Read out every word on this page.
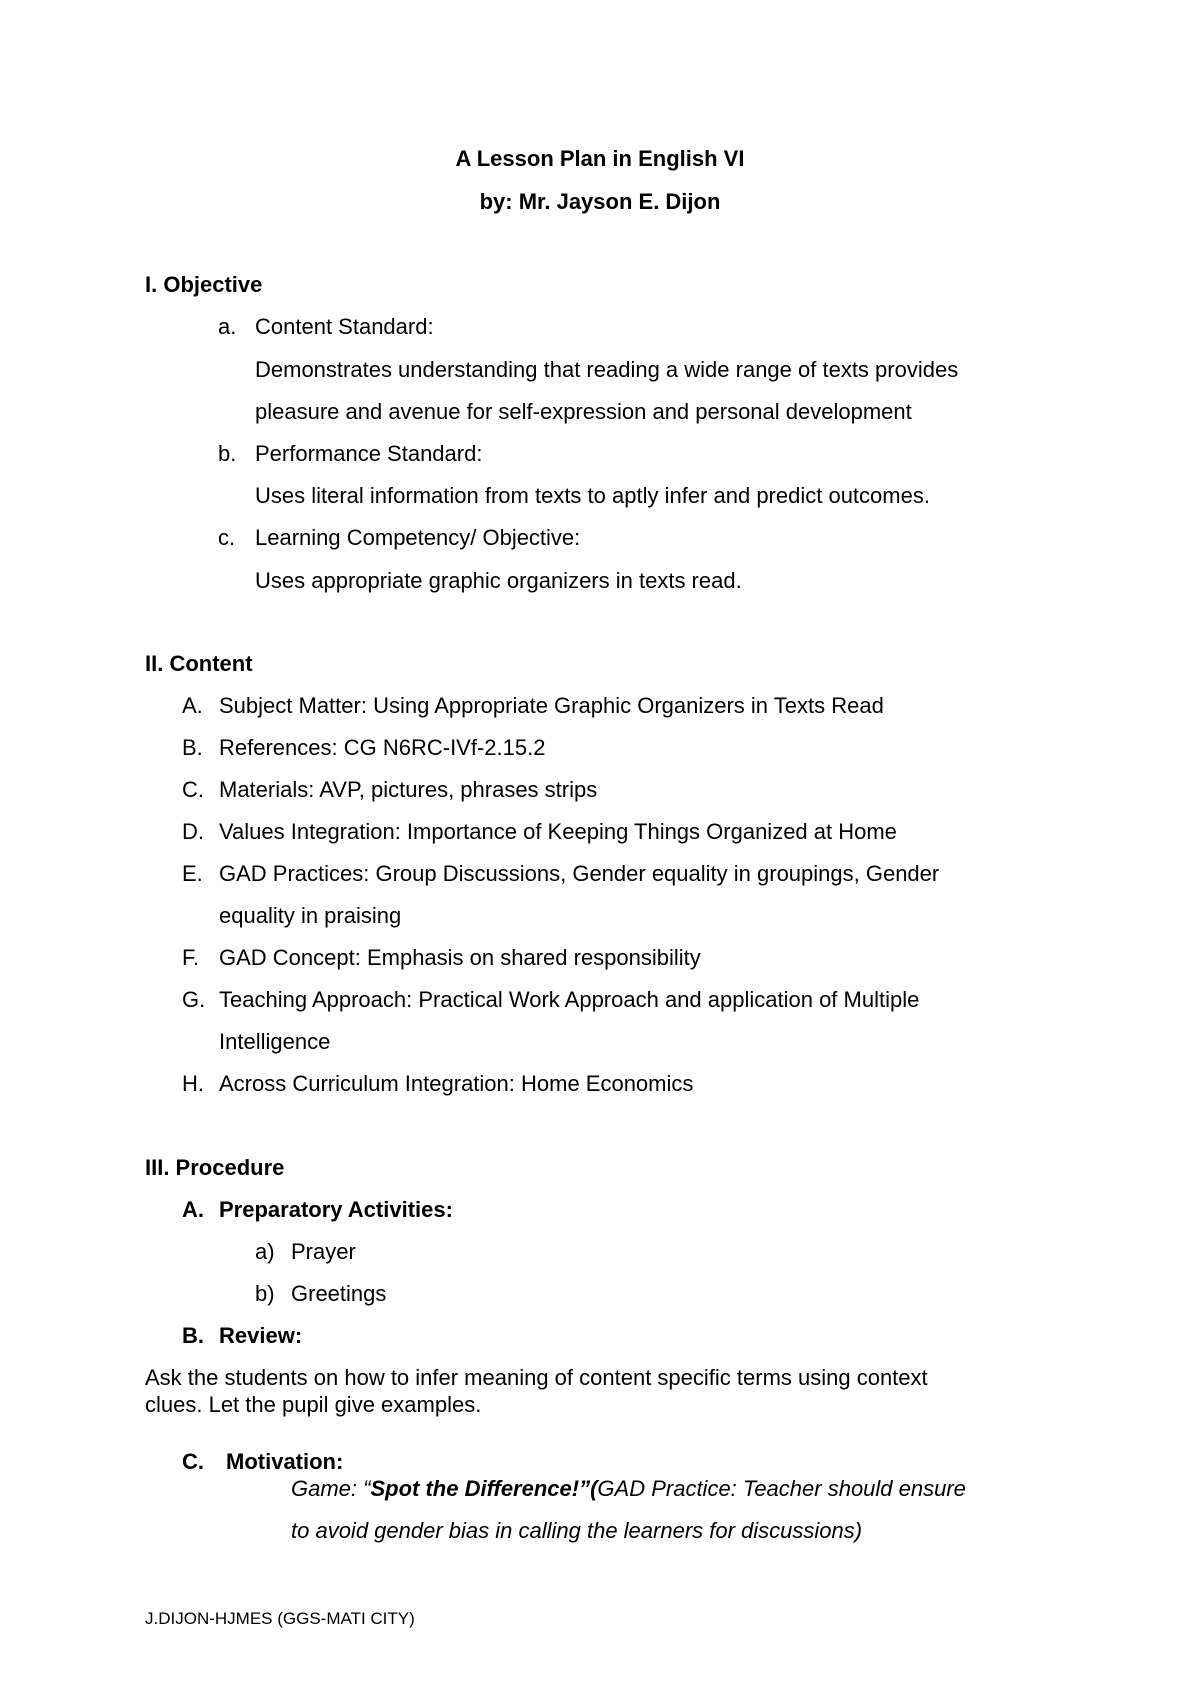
A Lesson Plan in English VI
by: Mr. Jayson E. Dijon
I. Objective
a. Content Standard:
Demonstrates understanding that reading a wide range of texts provides
pleasure and avenue for self-expression and personal development
b. Performance Standard:
Uses literal information from texts to aptly infer and predict outcomes.
c. Learning Competency/ Objective:
Uses appropriate graphic organizers in texts read.
II. Content
A. Subject Matter: Using Appropriate Graphic Organizers in Texts Read
B. References: CG N6RC-IVf-2.15.2
C. Materials: AVP, pictures, phrases strips
D. Values Integration: Importance of Keeping Things Organized at Home
E. GAD Practices: Group Discussions, Gender equality in groupings, Gender
equality in praising
F. GAD Concept: Emphasis on shared responsibility
G. Teaching Approach: Practical Work Approach and application of Multiple
Intelligence
H. Across Curriculum Integration: Home Economics
III. Procedure
A. Preparatory Activities:
a) Prayer
b) Greetings
B. Review:
Ask the students on how to infer meaning of content specific terms using context
clues. Let the pupil give examples.
C. Motivation:
Game: “Spot the Difference!”(GAD Practice: Teacher should ensure
to avoid gender bias in calling the learners for discussions)
J.DIJON-HJMES (GGS-MATI CITY)
